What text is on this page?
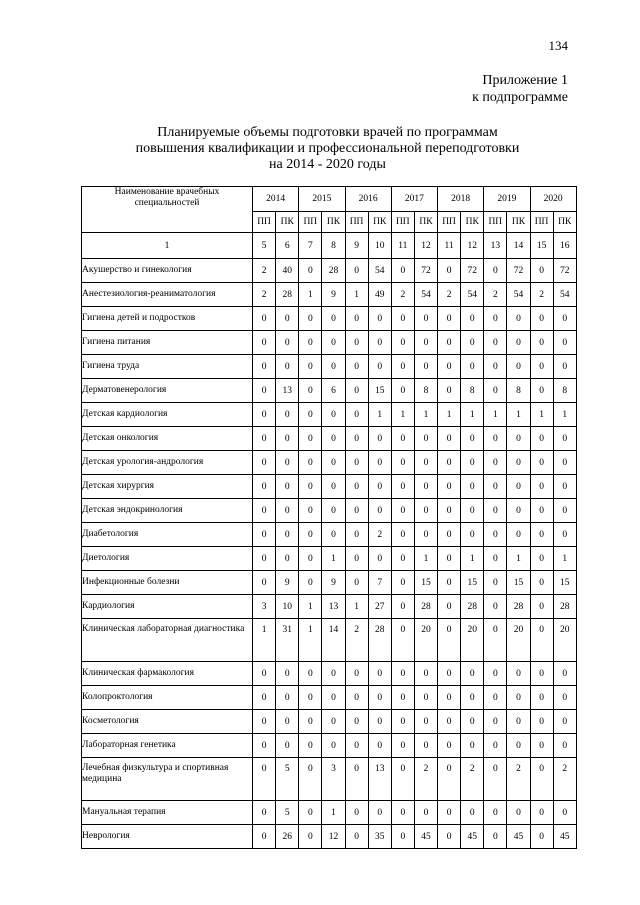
134
Приложение 1
к подпрограмме
Планируемые объемы подготовки врачей по программам
повышения квалификации и профессиональной переподготовки
на 2014 - 2020 годы
Наименование врачебных специальностей	2014		2015		2016		2017		2018		2019		2020	
	ПП	ПК	ПП	ПК	ПП	ПК	ПП	ПК	ПП	ПК	ПП	ПК	ПП	ПК
1	5	6	7	8	9	10	11	12	11	12	13	14	15	16
Акушерство и гинекология	2	40	0	28	0	54	0	72	0	72	0	72	0	72
Анестезиология-реаниматология	2	28	1	9	1	49	2	54	2	54	2	54	2	54
Гигиена детей и подростков	0	0	0	0	0	0	0	0	0	0	0	0	0	0
Гигиена питания	0	0	0	0	0	0	0	0	0	0	0	0	0	0
Гигиена труда	0	0	0	0	0	0	0	0	0	0	0	0	0	0
Дерматовенерология	0	13	0	6	0	15	0	8	0	8	0	8	0	8
Детская кардиология	0	0	0	0	0	1	1	1	1	1	1	1	1	1
Детская онкология	0	0	0	0	0	0	0	0	0	0	0	0	0	0
Детская урология-андрология	0	0	0	0	0	0	0	0	0	0	0	0	0	0
Детская хирургия	0	0	0	0	0	0	0	0	0	0	0	0	0	0
Детская эндокринология	0	0	0	0	0	0	0	0	0	0	0	0	0	0
Диабетология	0	0	0	0	0	2	0	0	0	0	0	0	0	0
Диетология	0	0	0	1	0	0	0	1	0	1	0	1	0	1
Инфекционные болезни	0	9	0	9	0	7	0	15	0	15	0	15	0	15
Кардиология	3	10	1	13	1	27	0	28	0	28	0	28	0	28
Клиническая лабораторная диагностика	1	31	1	14	2	28	0	20	0	20	0	20	0	20
Клиническая фармакология	0	0	0	0	0	0	0	0	0	0	0	0	0	0
Колопроктология	0	0	0	0	0	0	0	0	0	0	0	0	0	0
Косметология	0	0	0	0	0	0	0	0	0	0	0	0	0	0
Лабораторная генетика	0	0	0	0	0	0	0	0	0	0	0	0	0	0
Лечебная физкультура и спортивная медицина	0	5	0	3	0	13	0	2	0	2	0	2	0	2
Мануальная терапия	0	5	0	1	0	0	0	0	0	0	0	0	0	0
Неврология	0	26	0	12	0	35	0	45	0	45	0	45	0	45
